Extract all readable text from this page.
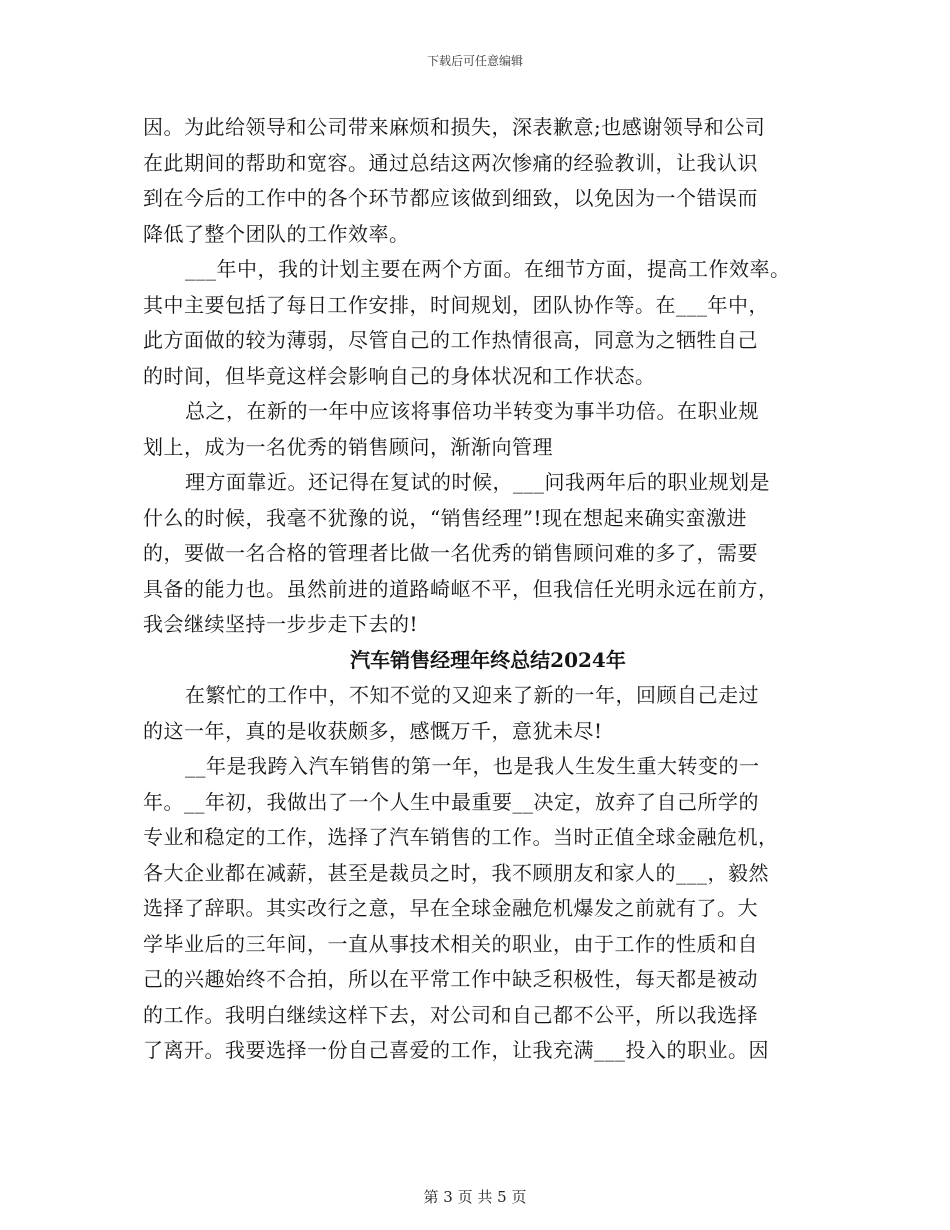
下载后可任意编辑
因。为此给领导和公司带来麻烦和损失，深表歉意;也感谢领导和公司
在此期间的帮助和宽容。通过总结这两次惨痛的经验教训，让我认识
到在今后的工作中的各个环节都应该做到细致，以免因为一个错误而
降低了整个团队的工作效率。
___年中，我的计划主要在两个方面。在细节方面，提高工作效率。
其中主要包括了每日工作安排，时间规划，团队协作等。在___年中，
此方面做的较为薄弱，尽管自己的工作热情很高，同意为之牺牲自己
的时间，但毕竟这样会影响自己的身体状况和工作状态。
总之，在新的一年中应该将事倍功半转变为事半功倍。在职业规
划上，成为一名优秀的销售顾问，渐渐向管理
理方面靠近。还记得在复试的时候，___问我两年后的职业规划是
什么的时候，我毫不犹豫的说，“销售经理”!现在想起来确实蛮激进
的，要做一名合格的管理者比做一名优秀的销售顾问难的多了，需要
具备的能力也。虽然前进的道路崎岖不平，但我信任光明永远在前方，
我会继续坚持一步步走下去的!
汽车销售经理年终总结2024年
在繁忙的工作中，不知不觉的又迎来了新的一年，回顾自己走过
的这一年，真的是收获颇多，感慨万千，意犹未尽!
__年是我跨入汽车销售的第一年，也是我人生发生重大转变的一
年。__年初，我做出了一个人生中最重要__决定，放弃了自己所学的
专业和稳定的工作，选择了汽车销售的工作。当时正值全球金融危机，
各大企业都在减薪，甚至是裁员之时，我不顾朋友和家人的___，毅然
选择了辞职。其实改行之意，早在全球金融危机爆发之前就有了。大
学毕业后的三年间，一直从事技术相关的职业，由于工作的性质和自
己的兴趣始终不合拍，所以在平常工作中缺乏积极性，每天都是被动
的工作。我明白继续这样下去，对公司和自己都不公平，所以我选择
了离开。我要选择一份自己喜爱的工作，让我充满___投入的职业。因
第 3 页 共 5 页
